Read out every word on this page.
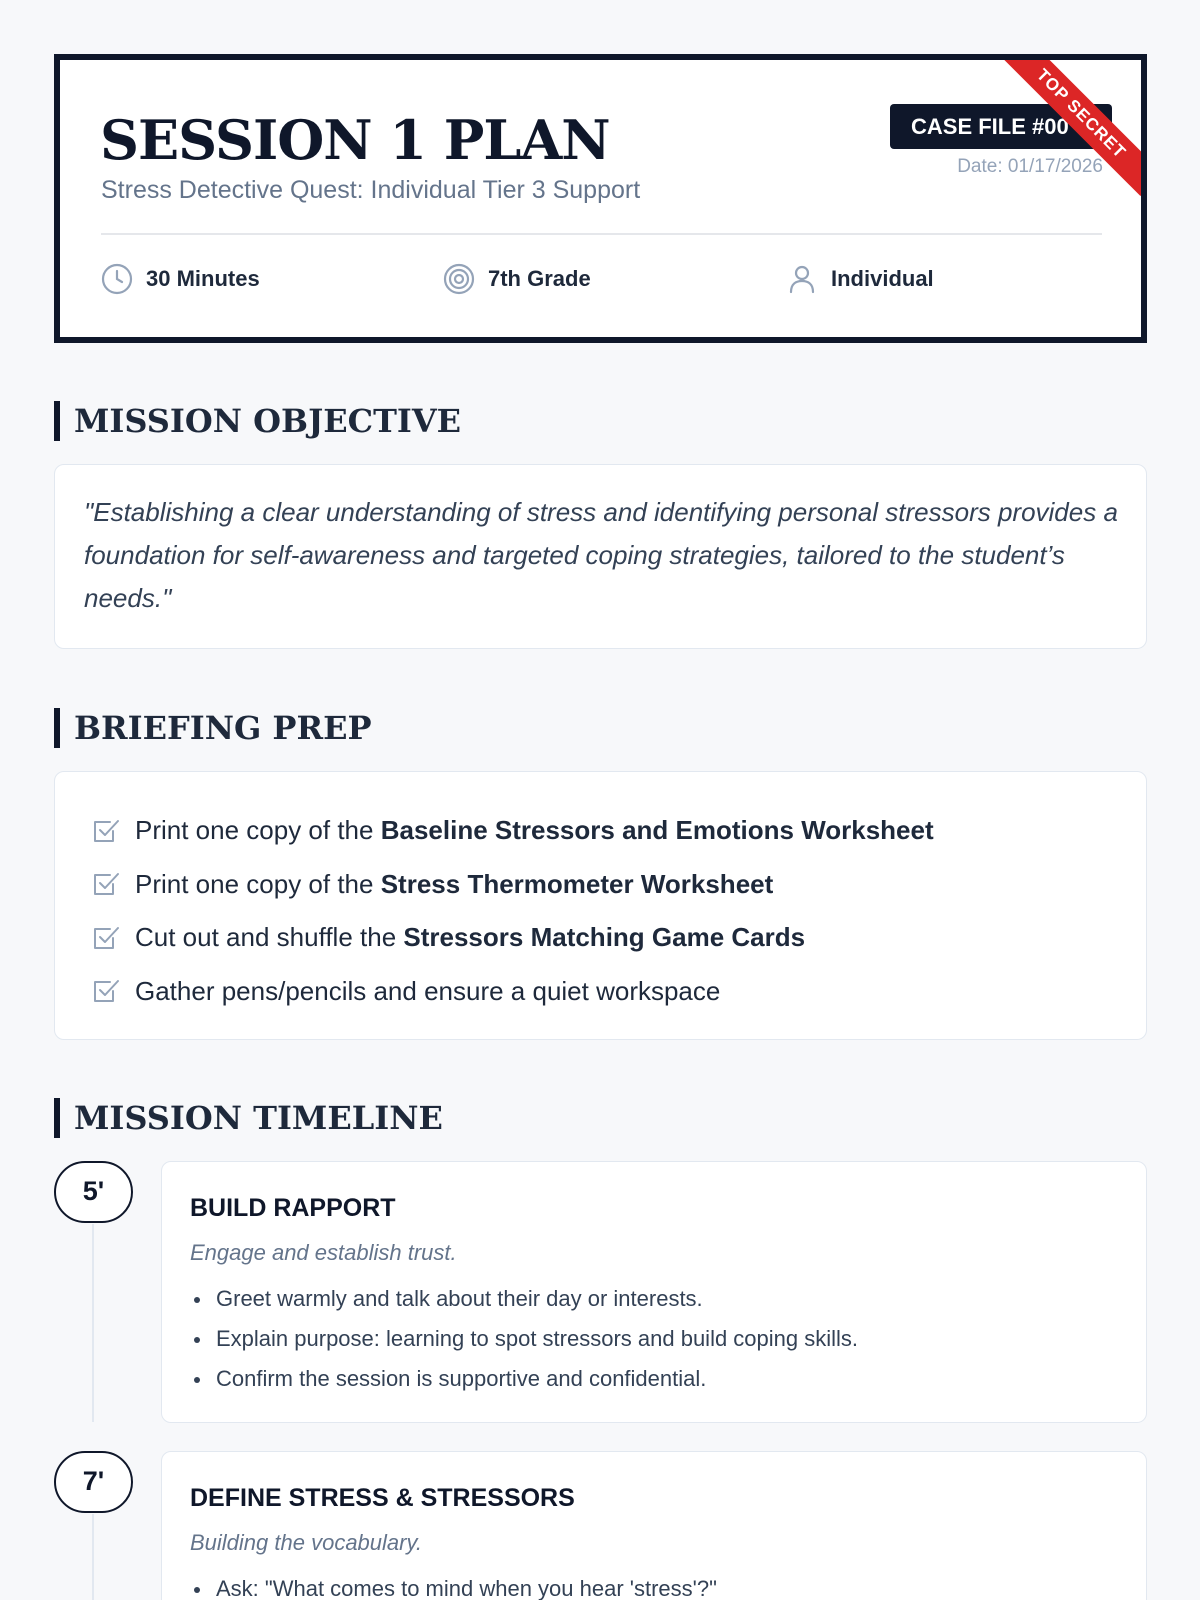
SESSION 1 PLAN
Stress Detective Quest: Individual Tier 3 Support
CASE FILE #00
Date: 01/17/2026
TOP SECRET
30 Minutes	7th Grade	Individual
MISSION OBJECTIVE

"Establishing a clear understanding of stress and identifying personal stressors provides a foundation for self-awareness and targeted coping strategies, tailored to the student’s needs."

BRIEFING PREP
Print one copy of the Baseline Stressors and Emotions Worksheet
Print one copy of the Stress Thermometer Worksheet
Cut out and shuffle the Stressors Matching Game Cards
Gather pens/pencils and ensure a quiet workspace
MISSION TIMELINE
5'
BUILD RAPPORT
Engage and establish trust.
Greet warmly and talk about their day or interests.
Explain purpose: learning to spot stressors and build coping skills.
Confirm the session is supportive and confidential.
7'
DEFINE STRESS & STRESSORS
Building the vocabulary.
Ask: "What comes to mind when you hear 'stress'?"
